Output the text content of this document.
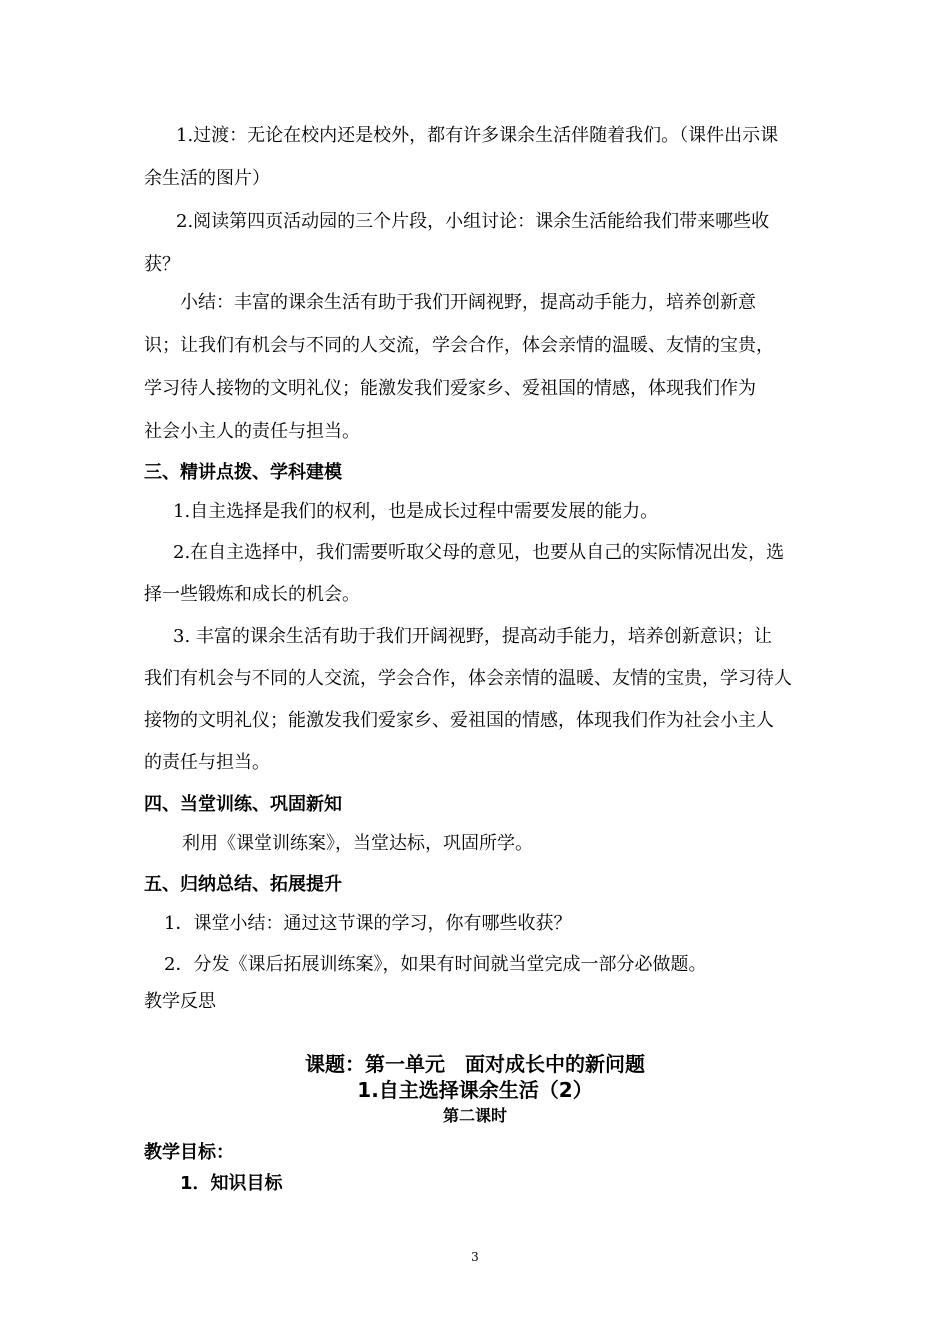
1.过渡：无论在校内还是校外，都有许多课余生活伴随着我们。（课件出示课
余生活的图片）
2.阅读第四页活动园的三个片段，小组讨论：课余生活能给我们带来哪些收
获？
小结：丰富的课余生活有助于我们开阔视野，提高动手能力，培养创新意
识；让我们有机会与不同的人交流，学会合作，体会亲情的温暖、友情的宝贵，
学习待人接物的文明礼仪；能激发我们爱家乡、爱祖国的情感，体现我们作为
社会小主人的责任与担当。
三、精讲点拨、学科建模
1.自主选择是我们的权利，也是成长过程中需要发展的能力。
2.在自主选择中，我们需要听取父母的意见，也要从自己的实际情况出发，选
择一些锻炼和成长的机会。
3. 丰富的课余生活有助于我们开阔视野，提高动手能力，培养创新意识；让
我们有机会与不同的人交流，学会合作，体会亲情的温暖、友情的宝贵，学习待人
接物的文明礼仪；能激发我们爱家乡、爱祖国的情感，体现我们作为社会小主人
的责任与担当。
四、当堂训练、巩固新知
利用《课堂训练案》，当堂达标，巩固所学。
五、归纳总结、拓展提升
1．课堂小结：通过这节课的学习，你有哪些收获？
2．分发《课后拓展训练案》，如果有时间就当堂完成一部分必做题。
教学反思
课题：第一单元　面对成长中的新问题
1.自主选择课余生活（2）
第二课时
教学目标：
1．知识目标
3
